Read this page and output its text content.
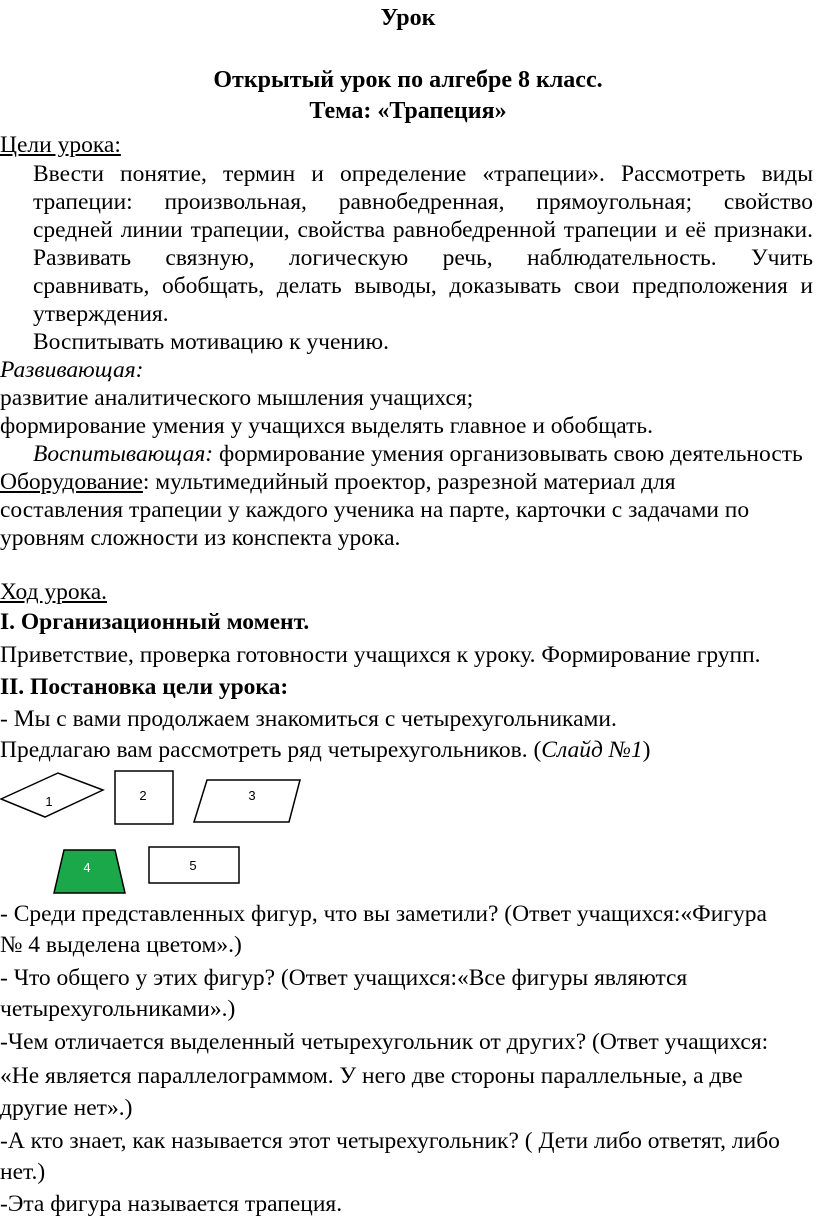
Урок
Открытый урок по алгебре 8 класс.
Тема: «Трапеция»
Цели урока:
Ввести понятие, термин и определение «трапеции». Рассмотреть виды
трапеции: произвольная, равнобедренная, прямоугольная; свойство
средней линии трапеции, свойства равнобедренной трапеции и её признаки.
Развивать связную, логическую речь, наблюдательность. Учить
сравнивать, обобщать, делать выводы, доказывать свои предположения и
утверждения.
Воспитывать мотивацию к учению.
Развивающая:
развитие аналитического мышления учащихся;
формирование умения у учащихся выделять главное и обобщать.
Воспитывающая: формирование умения организовывать свою деятельность
Оборудование: мультимедийный проектор, разрезной материал для
составления трапеции у каждого ученика на парте, карточки с задачами по
уровням сложности из конспекта урока.
Ход урока.
I. Организационный момент.
Приветствие, проверка готовности учащихся к уроку. Формирование групп.
II. Постановка цели урока:
- Мы с вами продолжаем знакомиться с четырехугольниками.
Предлагаю вам рассмотреть ряд четырехугольников. (Слайд №1)
1	2	3
4	5
- Среди представленных фигур, что вы заметили? (Ответ учащихся:«Фигура
№ 4 выделена цветом».)
- Что общего у этих фигур? (Ответ учащихся:«Все фигуры являются
четырехугольниками».)
-Чем отличается выделенный четырехугольник от других? (Ответ учащихся:
«Не является параллелограммом. У него две стороны параллельные, а две
другие нет».)
-А кто знает, как называется этот четырехугольник? ( Дети либо ответят, либо
нет.)
-Эта фигура называется трапеция.
